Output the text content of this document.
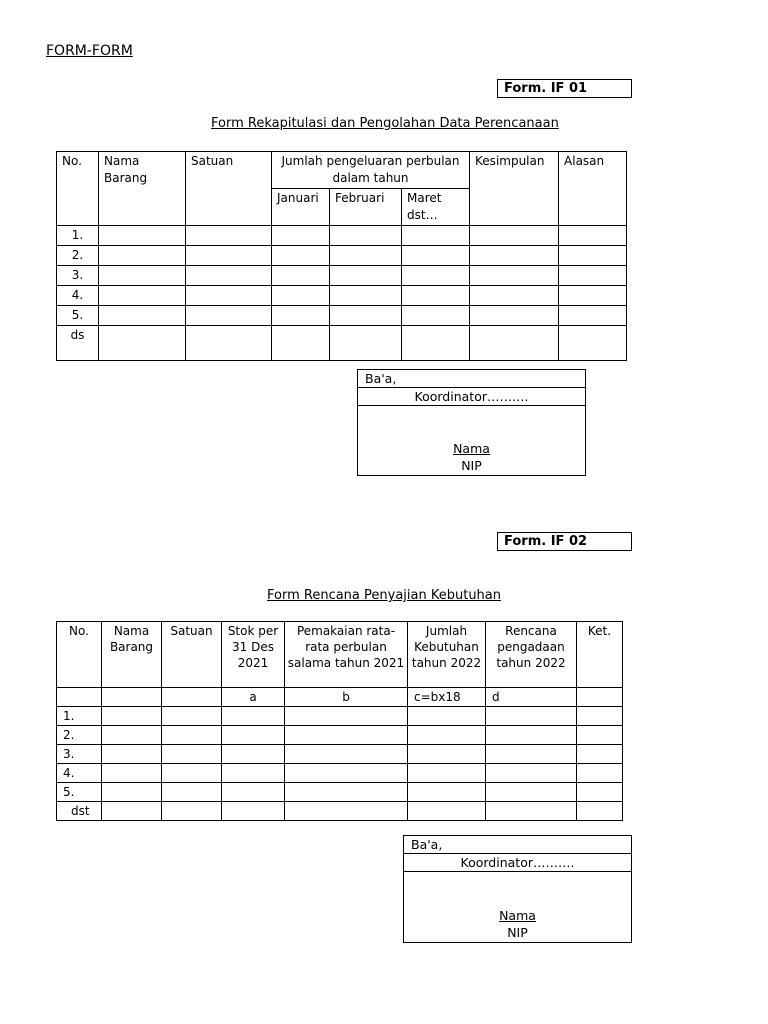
FORM-FORM
Form. IF 01
Form Rekapitulasi dan Pengolahan Data Perencanaan
No.	Nama Barang	Satuan	Jumlah pengeluaran perbulan dalam tahun			Kesimpulan	Alasan
			Januari	Februari	Maret dst…		
1.							
2.							
3.							
4.							
5.							
ds							
Ba'a,
Koordinator……….

Nama
NIP
Form. IF 02
Form Rencana Penyajian Kebutuhan
No.	Nama Barang	Satuan	Stok per 31 Des 2021	Pemakaian rata-rata perbulan salama tahun 2021	Jumlah Kebutuhan tahun 2022	Rencana pengadaan tahun 2022	Ket.
			a	b	c=bx18	d	
1.							
2.							
3.							
4.							
5.							
dst							
Ba'a,
Koordinator……….

Nama
NIP
